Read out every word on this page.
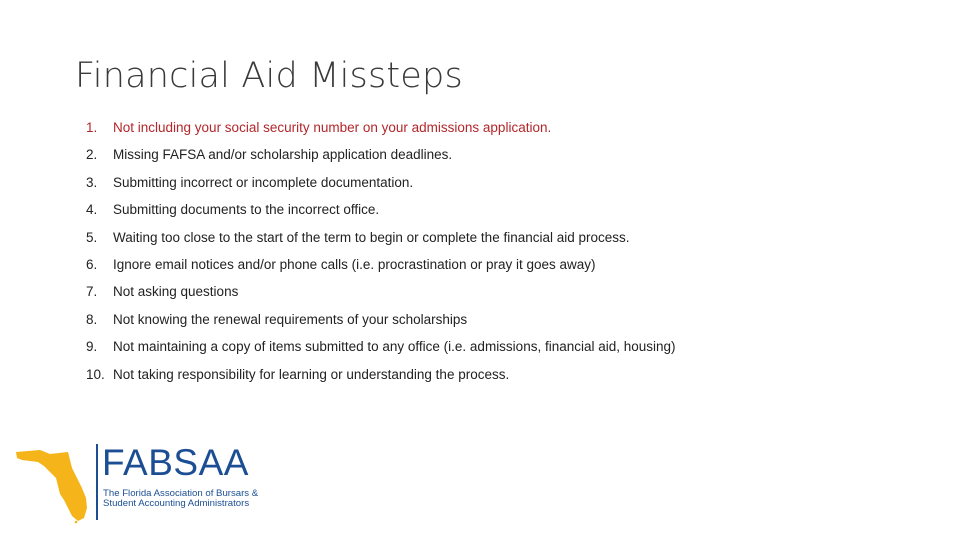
Financial Aid Missteps
1.	Not including your social security number on your admissions application.
2.	Missing FAFSA and/or scholarship application deadlines.
3.	Submitting incorrect or incomplete documentation.
4.	Submitting documents to the incorrect office.
5.	Waiting too close to the start of the term to begin or complete the financial aid process.
6.	Ignore email notices and/or phone calls (i.e. procrastination or pray it goes away)
7.	Not asking questions
8.	Not knowing the renewal requirements of your scholarships
9.	Not maintaining a copy of items submitted to any office (i.e. admissions, financial aid, housing)
10. Not taking responsibility for learning or understanding the process.
FABSAA
The Florida Association of Bursars &
Student Accounting Administrators
